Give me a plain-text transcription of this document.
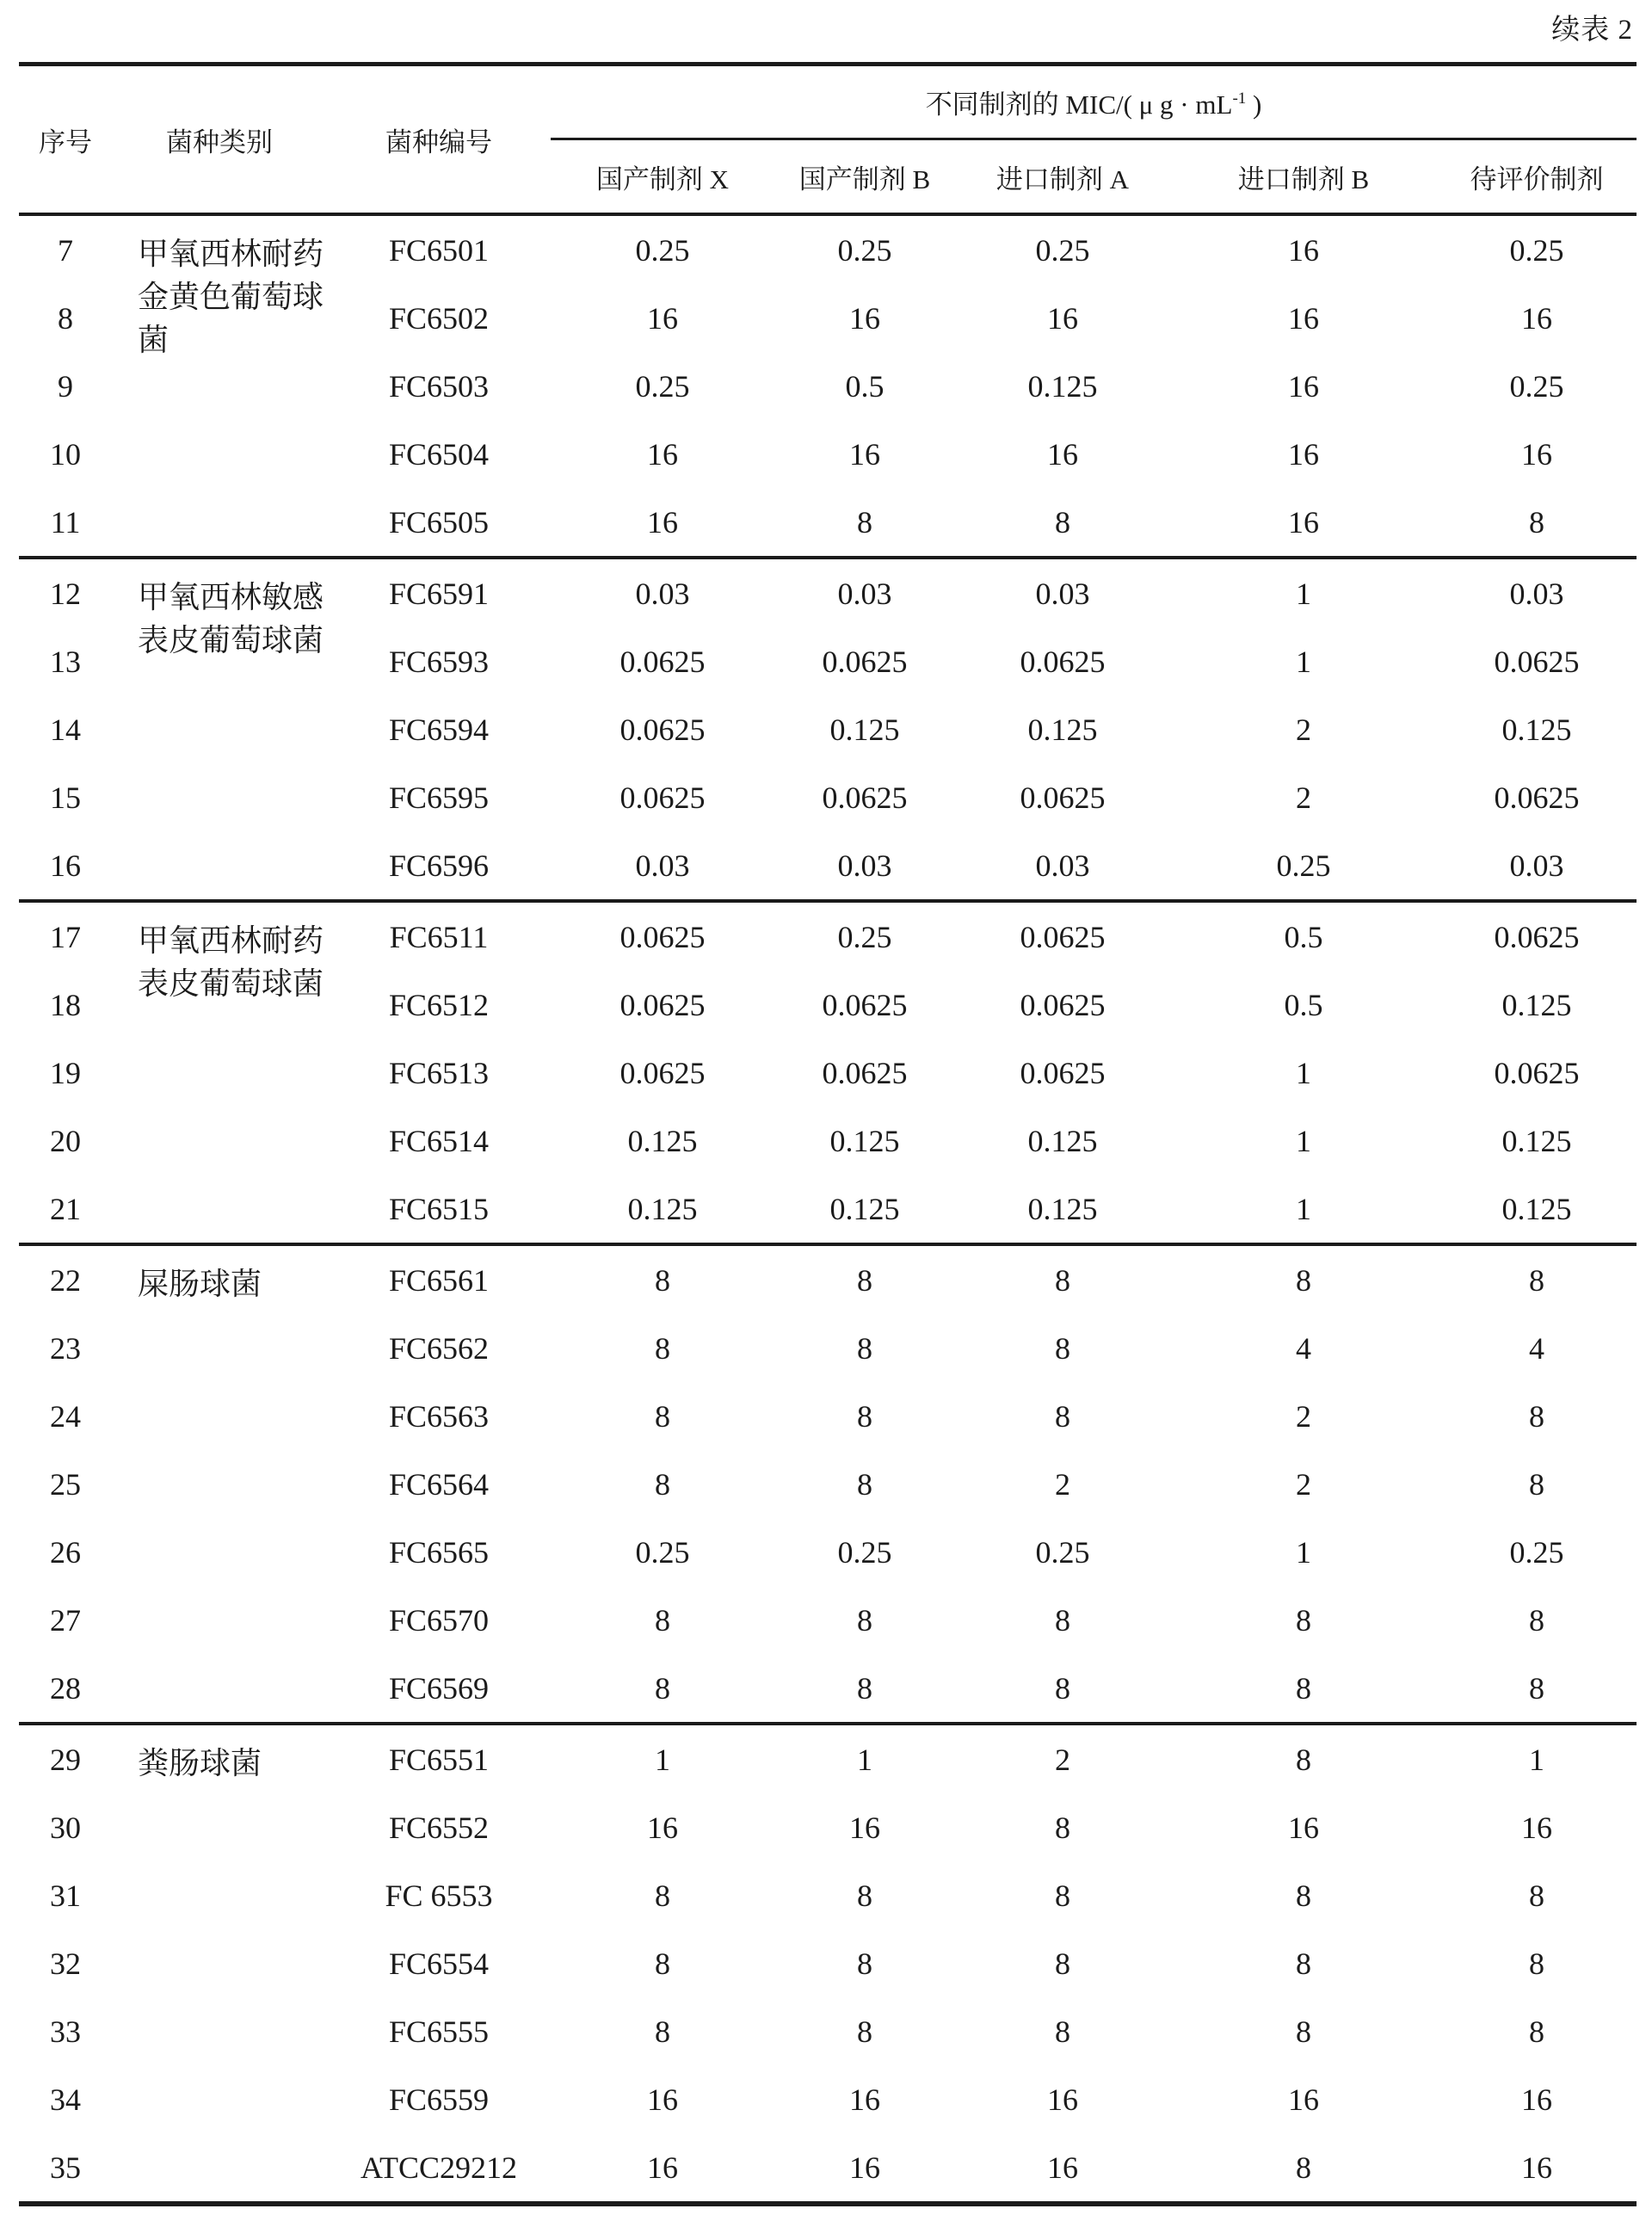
续表 2
序号	菌种类别	菌种编号	不同制剂的 MIC/( μ $g \cdot mL^{-1}$ )				
			国产制剂 X	国产制剂 B	进口制剂 A	进口制剂 B	待评价制剂
7	甲氧西林耐药金黄色葡萄球菌	FC6501	0.25	0.25	0.25	16	0.25
8		FC6502	16	16	16	16	16
9		FC6503	0.25	0.5	0.125	16	0.25
10		FC6504	16	16	16	16	16
11		FC6505	16	8	8	16	8
12	甲氧西林敏感表皮葡萄球菌	FC6591	0.03	0.03	0.03	1	0.03
13		FC6593	0.0625	0.0625	0.0625	1	0.0625
14		FC6594	0.0625	0.125	0.125	2	0.125
15		FC6595	0.0625	0.0625	0.0625	2	0.0625
16		FC6596	0.03	0.03	0.03	0.25	0.03
17	甲氧西林耐药表皮葡萄球菌	FC6511	0.0625	0.25	0.0625	0.5	0.0625
18		FC6512	0.0625	0.0625	0.0625	0.5	0.125
19		FC6513	0.0625	0.0625	0.0625	1	0.0625
20		FC6514	0.125	0.125	0.125	1	0.125
21		FC6515	0.125	0.125	0.125	1	0.125
22	屎肠球菌	FC6561	8	8	8	8	8
23		FC6562	8	8	8	4	4
24		FC6563	8	8	8	2	8
25		FC6564	8	8	2	2	8
26		FC6565	0.25	0.25	0.25	1	0.25
27		FC6570	8	8	8	8	8
28		FC6569	8	8	8	8	8
29	粪肠球菌	FC6551	1	1	2	8	1
30		FC6552	16	16	8	16	16
31		FC 6553	8	8	8	8	8
32		FC6554	8	8	8	8	8
33		FC6555	8	8	8	8	8
34		FC6559	16	16	16	16	16
35		ATCC29212	16	16	16	8	16
